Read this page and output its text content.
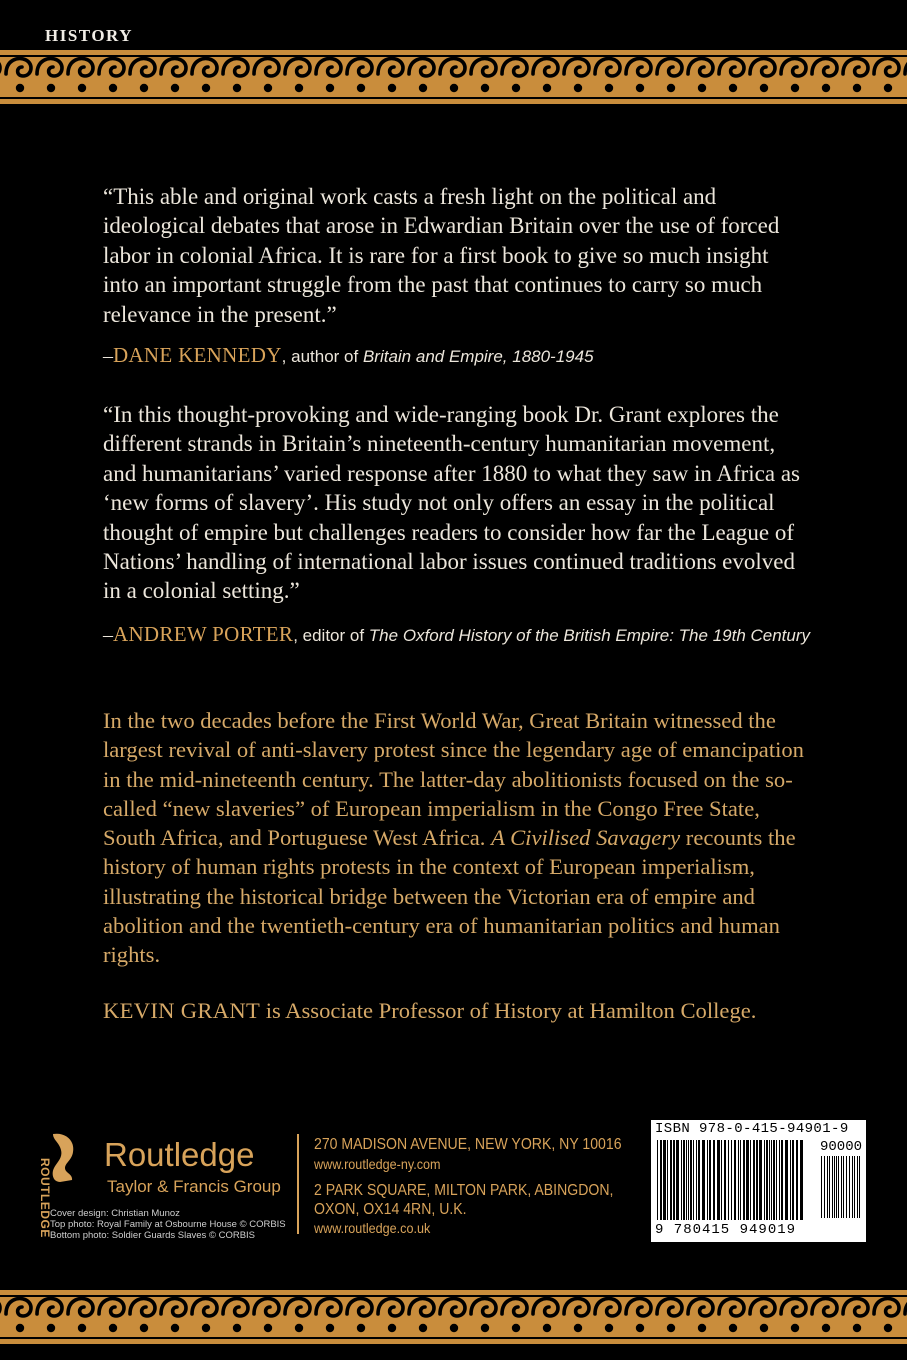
HISTORY

“This able and original work casts a fresh light on the political and ideological debates that arose in Edwardian Britain over the use of forced labor in colonial Africa. It is rare for a first book to give so much insight into an important struggle from the past that continues to carry so much relevance in the present.”

–DANE KENNEDY, author of Britain and Empire, 1880-1945

“In this thought-provoking and wide-ranging book Dr. Grant explores the different strands in Britain’s nineteenth-century humanitarian movement, and humanitarians’ varied response after 1880 to what they saw in Africa as ‘new forms of slavery’. His study not only offers an essay in the political thought of empire but challenges readers to consider how far the League of Nations’ handling of international labor issues continued traditions evolved in a colonial setting.”

–ANDREW PORTER, editor of The Oxford History of the British Empire: The 19th Century

In the two decades before the First World War, Great Britain witnessed the largest revival of anti-slavery protest since the legendary age of emancipation in the mid-nineteenth century. The latter-day abolitionists focused on the so-called “new slaveries” of European imperialism in the Congo Free State, South Africa, and Portuguese West Africa. A Civilised Savagery recounts the history of human rights protests in the context of European imperialism, illustrating the historical bridge between the Victorian era of empire and abolition and the twentieth-century era of humanitarian politics and human rights.

KEVIN GRANT is Associate Professor of History at Hamilton College.
ROUTLEDGE
Routledge
Taylor & Francis Group
270 MADISON AVENUE, NEW YORK, NY 10016
www.routledge-ny.com
2 PARK SQUARE, MILTON PARK, ABINGDON,
OXON, OX14 4RN, U.K.
www.routledge.co.uk
Cover design: Christian Munoz
Top photo: Royal Family at Osbourne House © CORBIS
Bottom photo: Soldier Guards Slaves © CORBIS
ISBN 978-0-415-94901-9
90000
9 780415 949019
